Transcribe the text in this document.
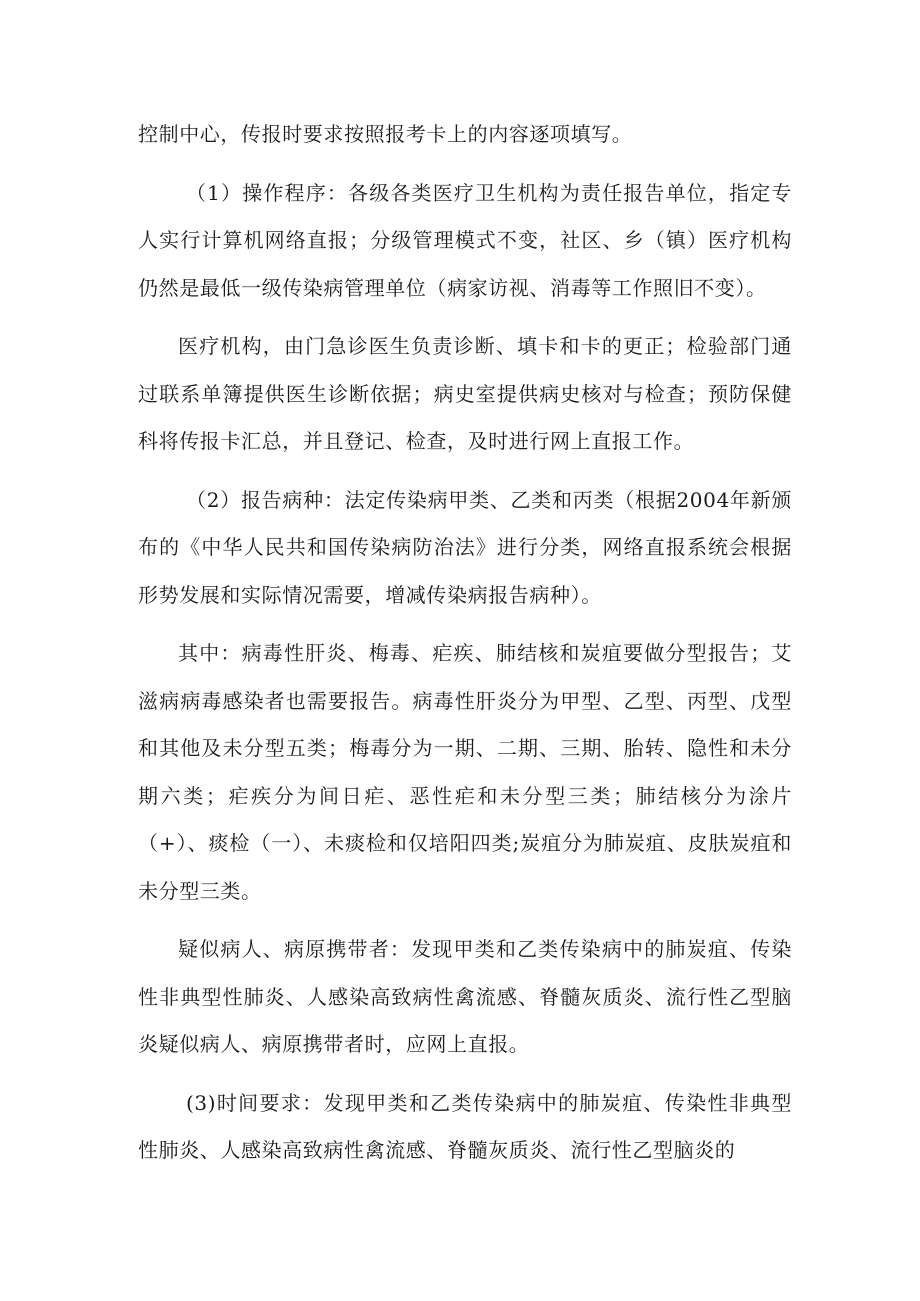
控制中心，传报时要求按照报考卡上的内容逐项填写。

（1）操作程序：各级各类医疗卫生机构为责任报告单位，指定专人实行计算机网络直报；分级管理模式不变，社区、乡（镇）医疗机构仍然是最低一级传染病管理单位（病家访视、消毒等工作照旧不变）。

医疗机构，由门急诊医生负责诊断、填卡和卡的更正；检验部门通过联系单簿提供医生诊断依据；病史室提供病史核对与检查；预防保健科将传报卡汇总，并且登记、检查，及时进行网上直报工作。

（2）报告病种：法定传染病甲类、乙类和丙类（根据2004年新颁布的《中华人民共和国传染病防治法》进行分类，网络直报系统会根据形势发展和实际情况需要，增减传染病报告病种）。

其中：病毒性肝炎、梅毒、疟疾、肺结核和炭疽要做分型报告；艾滋病病毒感染者也需要报告。病毒性肝炎分为甲型、乙型、丙型、戊型和其他及未分型五类；梅毒分为一期、二期、三期、胎转、隐性和未分期六类；疟疾分为间日疟、恶性疟和未分型三类；肺结核分为涂片（+）、痰检（一）、未痰检和仅培阳四类;炭疽分为肺炭疽、皮肤炭疽和未分型三类。

疑似病人、病原携带者：发现甲类和乙类传染病中的肺炭疽、传染性非典型性肺炎、人感染高致病性禽流感、脊髓灰质炎、流行性乙型脑炎疑似病人、病原携带者时，应网上直报。

(3)时间要求：发现甲类和乙类传染病中的肺炭疽、传染性非典型性肺炎、人感染高致病性禽流感、脊髓灰质炎、流行性乙型脑炎的
